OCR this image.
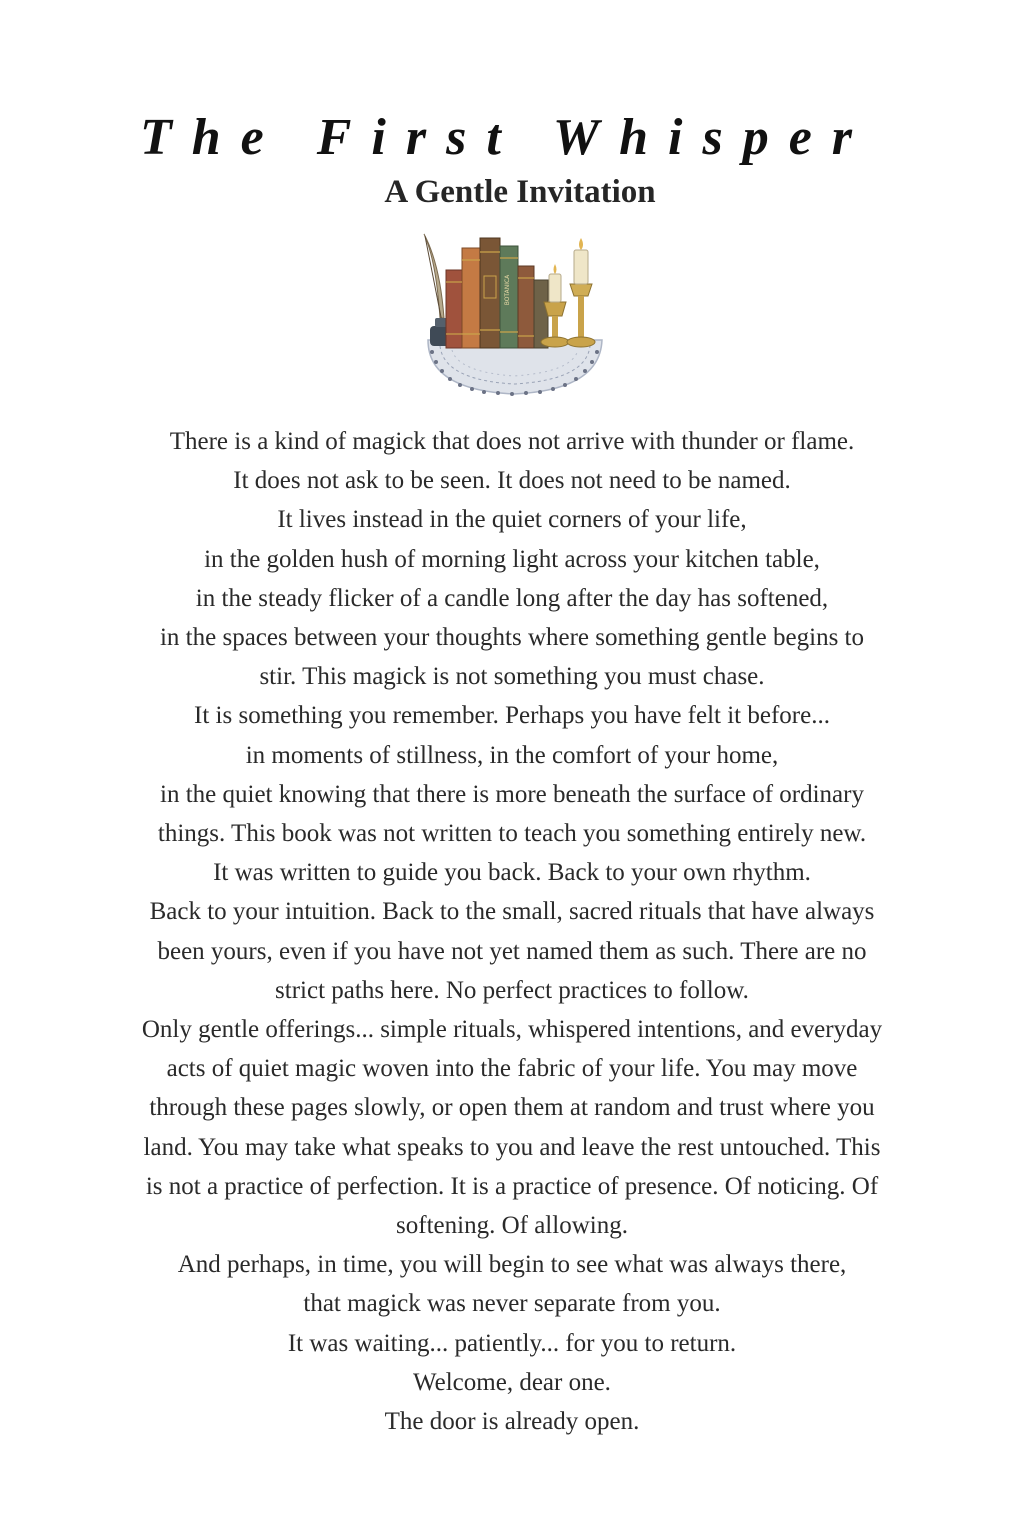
The First Whisper
A Gentle Invitation
BOTANICA
There is a kind of magick that does not arrive with thunder or flame.
It does not ask to be seen. It does not need to be named.
It lives instead in the quiet corners of your life,
in the golden hush of morning light across your kitchen table,
in the steady flicker of a candle long after the day has softened,
in the spaces between your thoughts where something gentle begins to
stir. This magick is not something you must chase.
It is something you remember. Perhaps you have felt it before...
in moments of stillness, in the comfort of your home,
in the quiet knowing that there is more beneath the surface of ordinary
things. This book was not written to teach you something entirely new.
It was written to guide you back. Back to your own rhythm.
Back to your intuition. Back to the small, sacred rituals that have always
been yours, even if you have not yet named them as such. There are no
strict paths here. No perfect practices to follow.
Only gentle offerings... simple rituals, whispered intentions, and everyday
acts of quiet magic woven into the fabric of your life. You may move
through these pages slowly, or open them at random and trust where you
land. You may take what speaks to you and leave the rest untouched. This
is not a practice of perfection. It is a practice of presence. Of noticing. Of
softening. Of allowing.
And perhaps, in time, you will begin to see what was always there,
that magick was never separate from you.
It was waiting... patiently... for you to return.
Welcome, dear one.
The door is already open.
